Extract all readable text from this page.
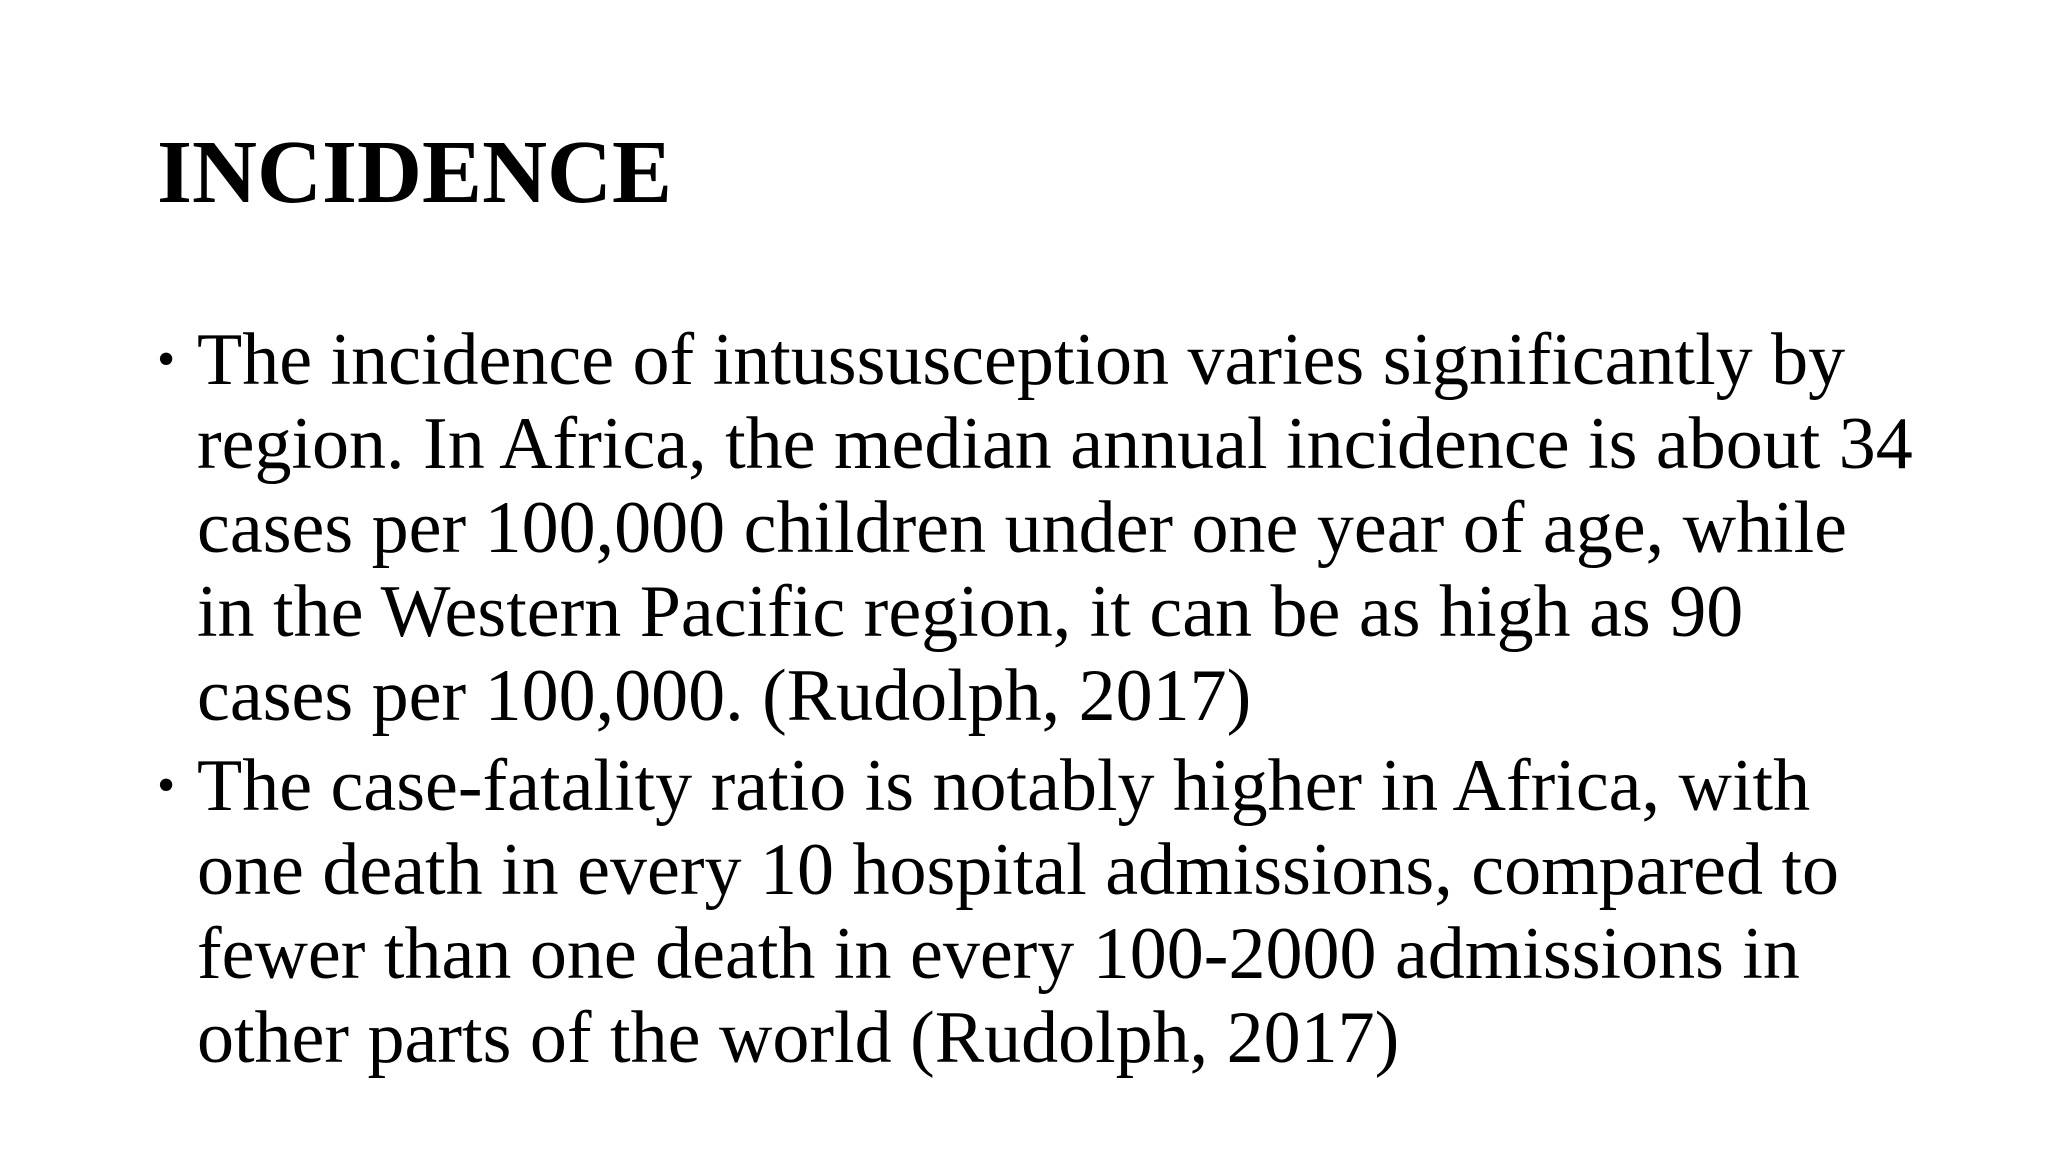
INCIDENCE
• The incidence of intussusception varies significantly by region. In Africa, the median annual incidence is about 34 cases per 100,000 children under one year of age, while in the Western Pacific region, it can be as high as 90 cases per 100,000. (Rudolph, 2017)
• The case-fatality ratio is notably higher in Africa, with one death in every 10 hospital admissions, compared to fewer than one death in every 100-2000 admissions in other parts of the world (Rudolph, 2017)
